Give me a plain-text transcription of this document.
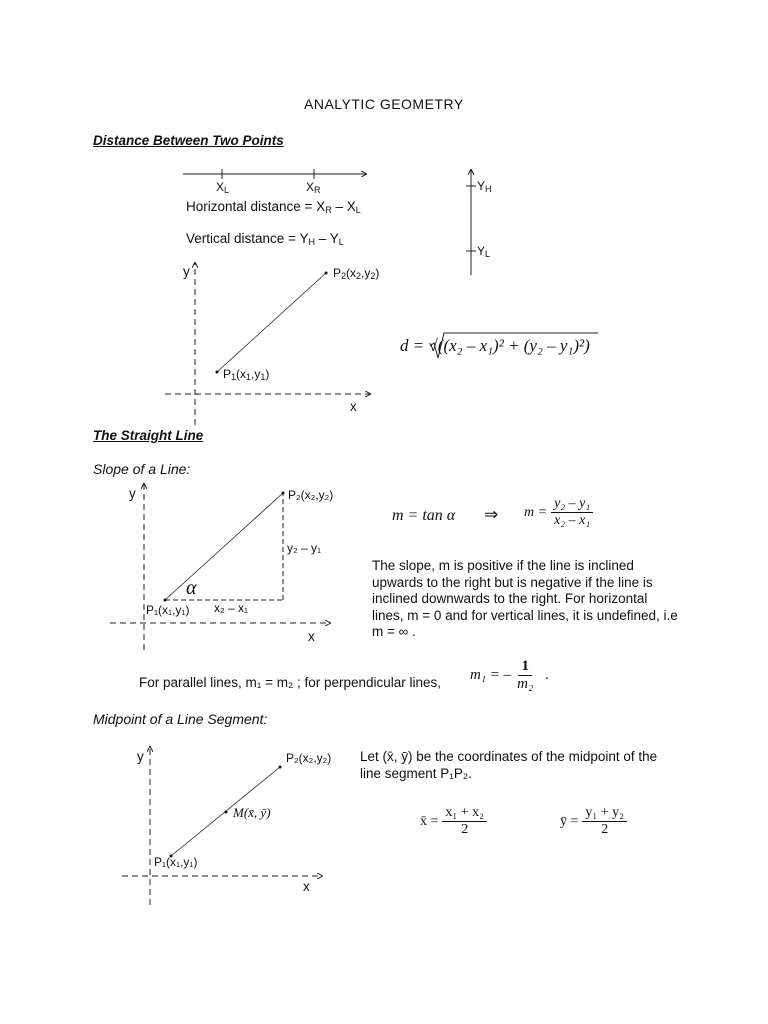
ANALYTIC GEOMETRY
Distance Between Two Points
$X_L$	$X_R$	$Y_H$
$Y_L$
Horizontal distance = $X_R - X_L$
Vertical distance = $Y_H - Y_L$
y
x
$P_2(x_2,y_2)$
$P_1(x_1,y_1)$
d = √((x₂ – x₁)² + (y₂ – y₁)²)
The Straight Line
Slope of a Line:
y
x
P₂(x₂,y₂)
P₁(x₁,y₁)
y₂ – y₁
x₂ – x₁
α
m = tan α ⇒ $m = \frac{\text{y₂ – y₁}}{\text{x₂ – x₁}}$
The slope, m is positive if the line is inclined upwards to the right but is negative if the line is inclined downwards to the right. For horizontal lines, m = 0 and for vertical lines, it is undefined, i.e m = ∞ .
For parallel lines, m₁ = m₂ ; for perpendicular lines, m₁ = – $\frac{1}{\text{m₂}}$ .
Midpoint of a Line Segment:
y
x
P₂(x₂,y₂)
P₁(x₁,y₁)
M(x̄, ȳ)
Let (x̄, ȳ) be the coordinates of the midpoint of the line segment P₁P₂.
x̄ = $\frac{\text{x₁ + x₂}}{2}$	ȳ = $\frac{\text{y₁ + y₂}}{2}$
